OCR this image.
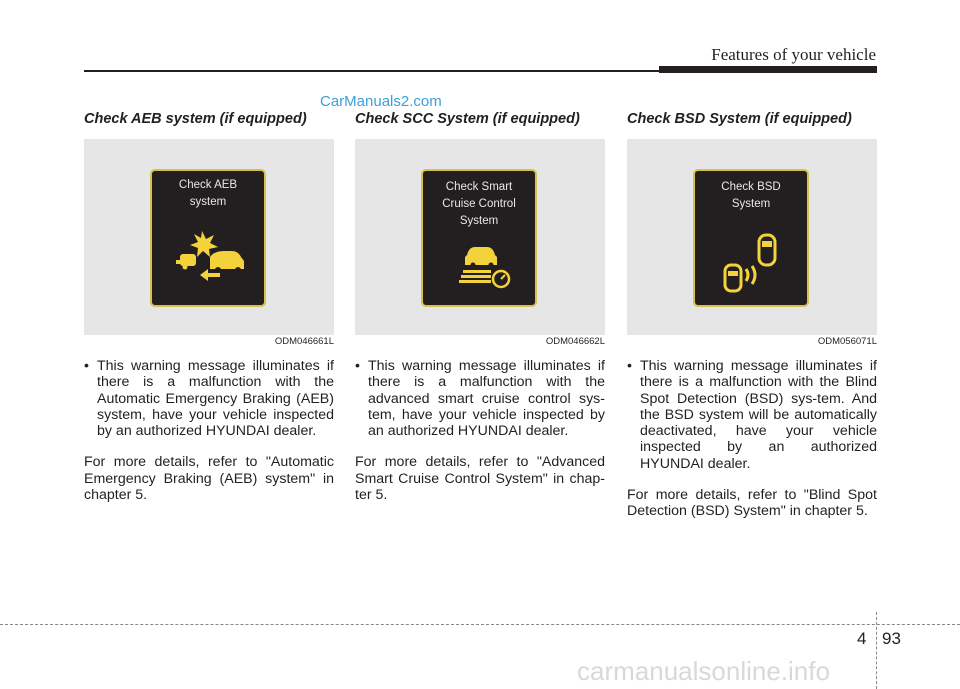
Features of your vehicle
CarManuals2.com
Check AEB system (if equipped)
Check AEB
system
ODM046661L
• This warning message illuminates if there is a malfunction with the Automatic Emergency Braking (AEB) system, have your vehicle inspected by an authorized HYUNDAI dealer.
For more details, refer to "Automatic Emergency Braking (AEB) system" in chapter 5.
Check SCC System (if equipped)
Check Smart
Cruise Control
System
ODM046662L
• This warning message illuminates if there is a malfunction with the advanced smart cruise control sys-tem, have your vehicle inspected by an authorized HYUNDAI dealer.
For more details, refer to "Advanced Smart Cruise Control System" in chap-ter 5.
Check BSD System (if equipped)
Check BSD
System
ODM056071L
• This warning message illuminates if there is a malfunction with the Blind Spot Detection (BSD) sys-tem. And the BSD system will be automatically deactivated, have your vehicle inspected by an authorized HYUNDAI dealer.
For more details, refer to "Blind Spot Detection (BSD) System" in chapter 5.
4 93
carmanualsonline.info
